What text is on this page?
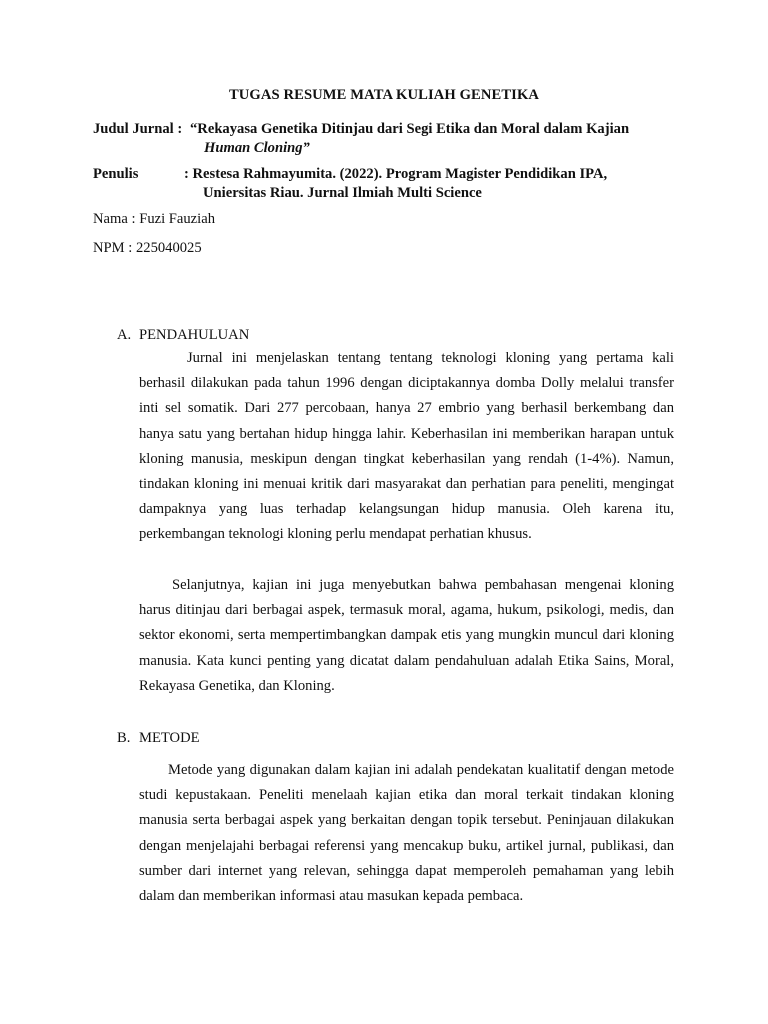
TUGAS RESUME MATA KULIAH GENETIKA
Judul Jurnal : “Rekayasa Genetika Ditinjau dari Segi Etika dan Moral dalam Kajian
Human Cloning”
Penulis	: Restesa Rahmayumita. (2022). Program Magister Pendidikan IPA,
Uniersitas Riau. Jurnal Ilmiah Multi Science
Nama : Fuzi Fauziah
NPM : 225040025
A. PENDAHULUAN

Jurnal ini menjelaskan tentang tentang teknologi kloning yang pertama kali berhasil dilakukan pada tahun 1996 dengan diciptakannya domba Dolly melalui transfer inti sel somatik. Dari 277 percobaan, hanya 27 embrio yang berhasil berkembang dan hanya satu yang bertahan hidup hingga lahir. Keberhasilan ini memberikan harapan untuk kloning manusia, meskipun dengan tingkat keberhasilan yang rendah (1-4%). Namun, tindakan kloning ini menuai kritik dari masyarakat dan perhatian para peneliti, mengingat dampaknya yang luas terhadap kelangsungan hidup manusia. Oleh karena itu, perkembangan teknologi kloning perlu mendapat perhatian khusus.

Selanjutnya, kajian ini juga menyebutkan bahwa pembahasan mengenai kloning harus ditinjau dari berbagai aspek, termasuk moral, agama, hukum, psikologi, medis, dan sektor ekonomi, serta mempertimbangkan dampak etis yang mungkin muncul dari kloning manusia. Kata kunci penting yang dicatat dalam pendahuluan adalah Etika Sains, Moral, Rekayasa Genetika, dan Kloning.

B. METODE

Metode yang digunakan dalam kajian ini adalah pendekatan kualitatif dengan metode studi kepustakaan. Peneliti menelaah kajian etika dan moral terkait tindakan kloning manusia serta berbagai aspek yang berkaitan dengan topik tersebut. Peninjauan dilakukan dengan menjelajahi berbagai referensi yang mencakup buku, artikel jurnal, publikasi, dan sumber dari internet yang relevan, sehingga dapat memperoleh pemahaman yang lebih dalam dan memberikan informasi atau masukan kepada pembaca.
